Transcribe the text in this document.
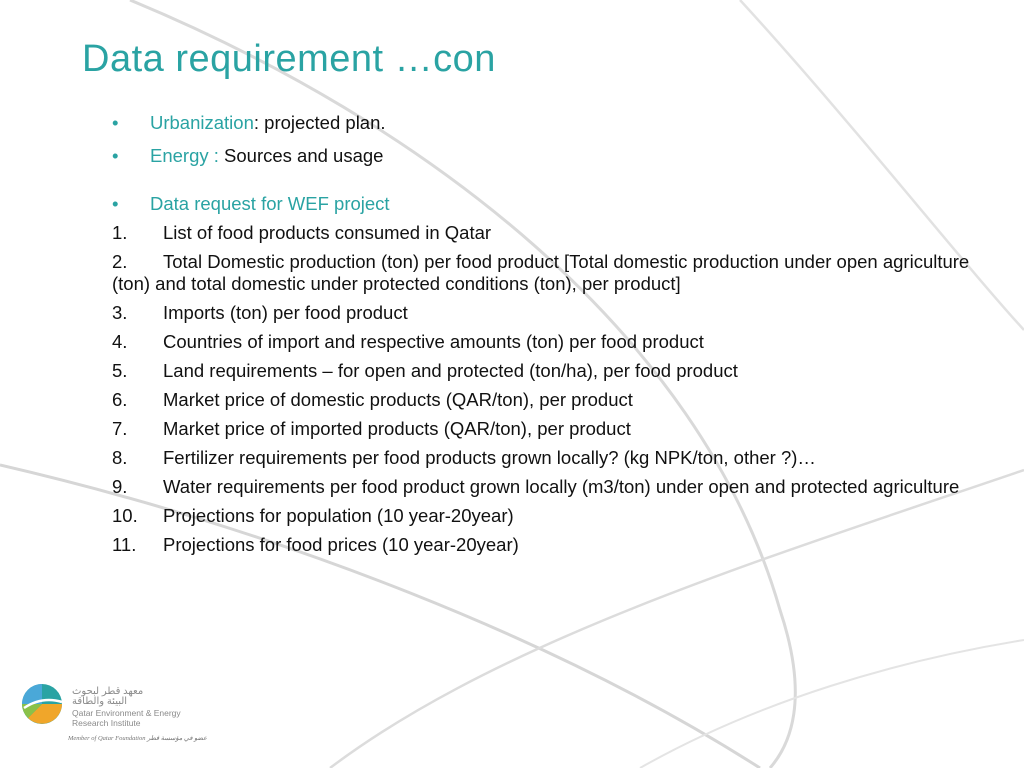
Data requirement …con
• Urbanization: projected plan.
• Energy : Sources and usage
• Data request for WEF project
1. List of food products consumed in Qatar
2. Total Domestic production (ton) per food product [Total domestic production under open agriculture (ton) and total domestic under protected conditions (ton), per product]
3. Imports (ton) per food product
4. Countries of import and respective amounts (ton) per food product
5. Land requirements – for open and protected (ton/ha), per food product
6. Market price of domestic products (QAR/ton), per product
7. Market price of imported products (QAR/ton), per product
8. Fertilizer requirements per food products grown locally? (kg NPK/ton, other ?)…
9. Water requirements per food product grown locally (m3/ton) under open and protected agriculture
10. Projections for population (10 year-20year)
11. Projections for food prices (10 year-20year)
معهد قطر لبحوث
البيئة والطاقة
Qatar Environment & Energy
Research Institute
Member of Qatar Foundation عضو في مؤسسة قطر
